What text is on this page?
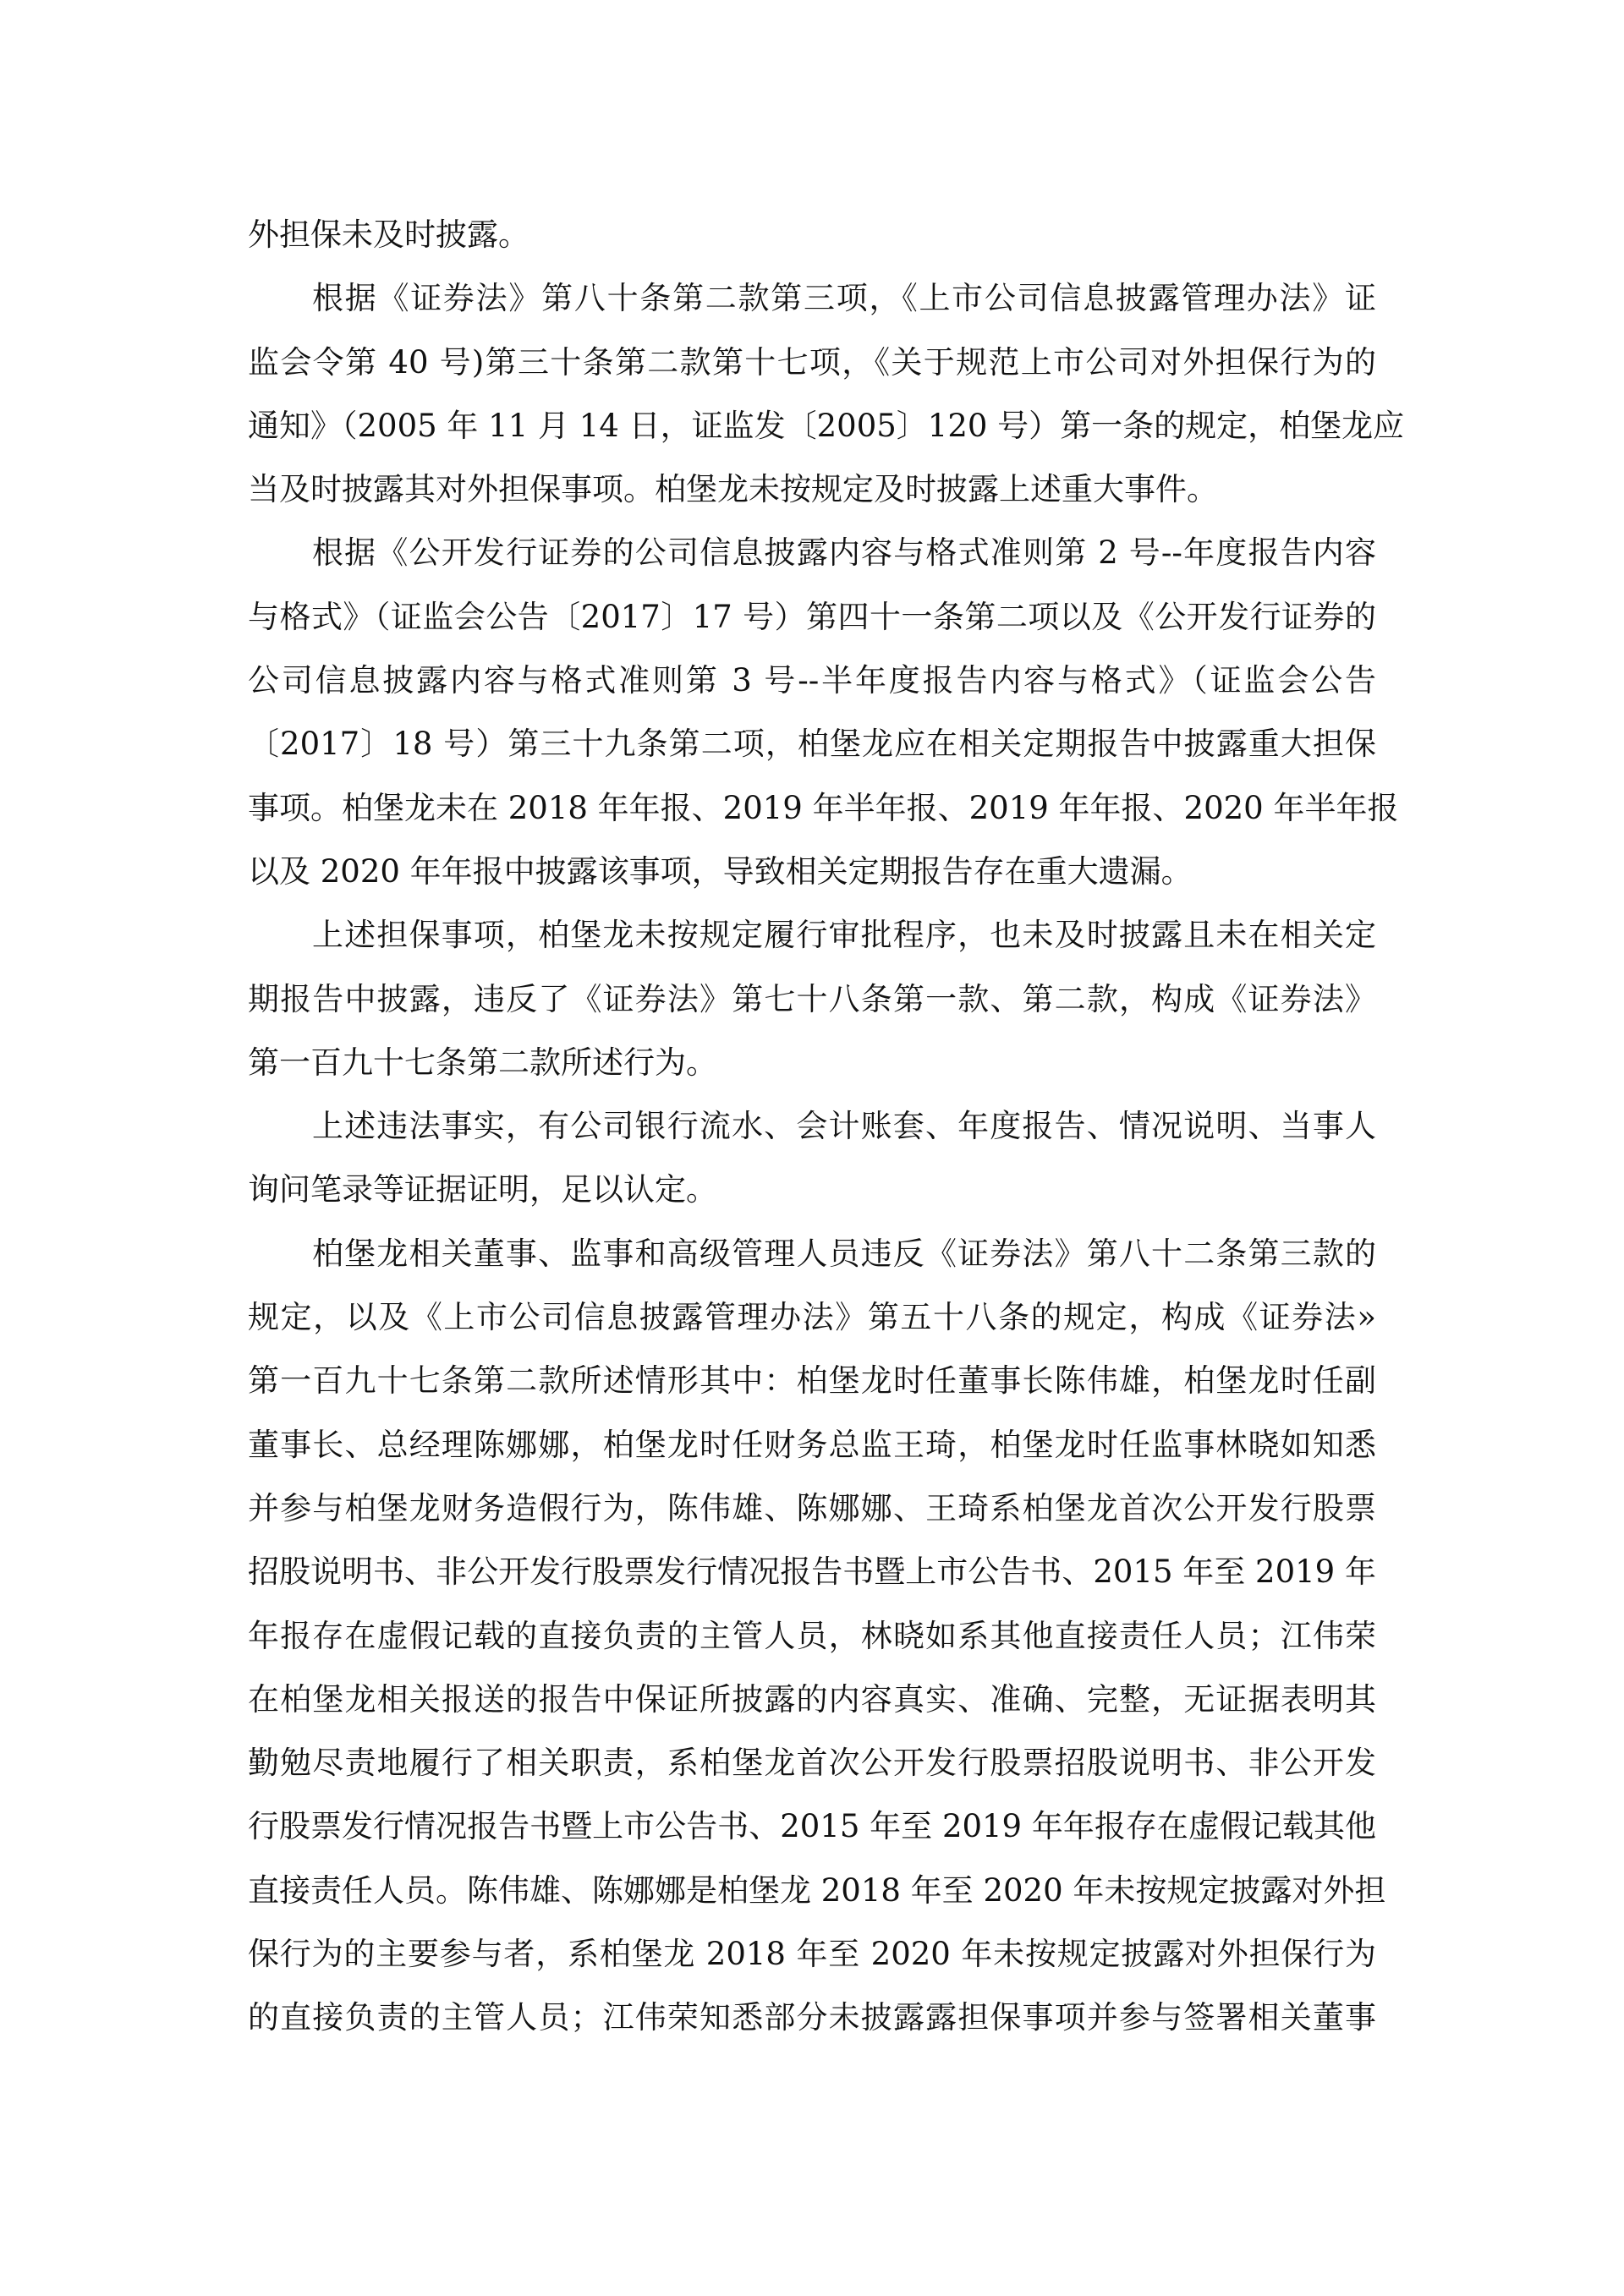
外担保未及时披露。
根据《证券法》第八十条第二款第三项，《上市公司信息披露管理办法》证
监会令第 40 号)第三十条第二款第十七项，《关于规范上市公司对外担保行为的
通知》（2005 年 11 月 14 日，证监发〔2005〕120 号）第一条的规定，柏堡龙应
当及时披露其对外担保事项。柏堡龙未按规定及时披露上述重大事件。
根据《公开发行证券的公司信息披露内容与格式准则第 2 号--年度报告内容
与格式》（证监会公告〔2017〕17 号）第四十一条第二项以及《公开发行证券的
公司信息披露内容与格式准则第 3 号--半年度报告内容与格式》（证监会公告
〔2017〕18 号）第三十九条第二项，柏堡龙应在相关定期报告中披露重大担保
事项。柏堡龙未在 2018 年年报、2019 年半年报、2019 年年报、2020 年半年报
以及 2020 年年报中披露该事项，导致相关定期报告存在重大遗漏。
上述担保事项，柏堡龙未按规定履行审批程序，也未及时披露且未在相关定
期报告中披露，违反了《证券法》第七十八条第一款、第二款，构成《证券法》
第一百九十七条第二款所述行为。
上述违法事实，有公司银行流水、会计账套、年度报告、情况说明、当事人
询问笔录等证据证明，足以认定。
柏堡龙相关董事、监事和高级管理人员违反《证券法》第八十二条第三款的
规定，以及《上市公司信息披露管理办法》第五十八条的规定，构成《证券法»
第一百九十七条第二款所述情形其中：柏堡龙时任董事长陈伟雄，柏堡龙时任副
董事长、总经理陈娜娜，柏堡龙时任财务总监王琦，柏堡龙时任监事林晓如知悉
并参与柏堡龙财务造假行为，陈伟雄、陈娜娜、王琦系柏堡龙首次公开发行股票
招股说明书、非公开发行股票发行情况报告书暨上市公告书、2015 年至 2019 年
年报存在虚假记载的直接负责的主管人员，林晓如系其他直接责任人员；江伟荣
在柏堡龙相关报送的报告中保证所披露的内容真实、准确、完整，无证据表明其
勤勉尽责地履行了相关职责，系柏堡龙首次公开发行股票招股说明书、非公开发
行股票发行情况报告书暨上市公告书、2015 年至 2019 年年报存在虚假记载其他
直接责任人员。陈伟雄、陈娜娜是柏堡龙 2018 年至 2020 年未按规定披露对外担
保行为的主要参与者，系柏堡龙 2018 年至 2020 年未按规定披露对外担保行为
的直接负责的主管人员；江伟荣知悉部分未披露露担保事项并参与签署相关董事
